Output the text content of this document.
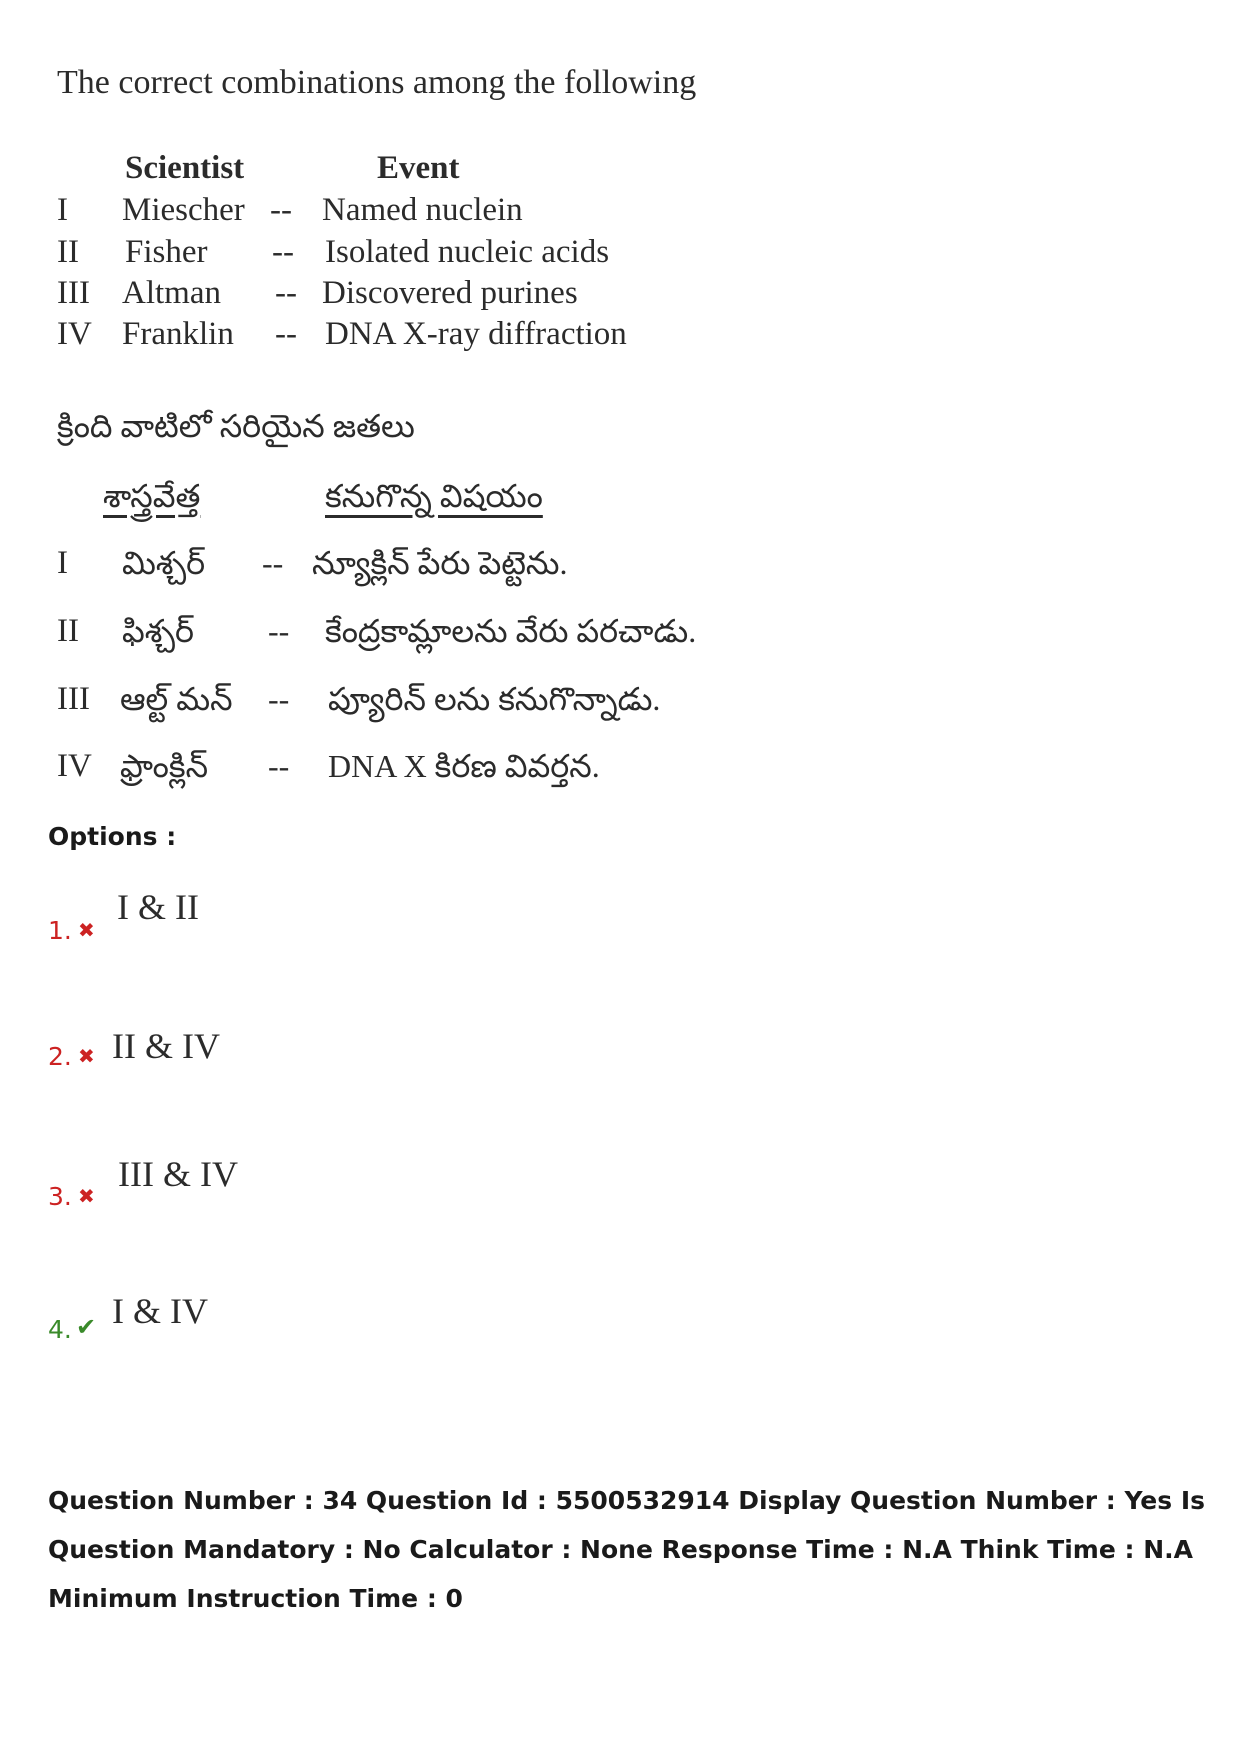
The correct combinations among the following
Scientist	Event
I Miescher -- Named nuclein
II Fisher -- Isolated nucleic acids
III Altman -- Discovered purines
IV Franklin -- DNA X-ray diffraction
క్రింది వాటిలో సరియైన జతలు
శాస్త్రవేత్త	కనుగొన్న విషయం
I మిశ్చర్ -- న్యూక్లిన్ పేరు పెట్టెను.
II ఫిశ్చర్ -- కేంద్రకామ్లాలను వేరు పరచాడు.
III ఆల్ట్ మన్ -- ప్యూరిన్ లను కనుగొన్నాడు.
IV ఫ్రాంక్లిన్ -- DNA X కిరణ వివర్తన.
Options :
1. ✖
I & II
2. ✖ II & IV
3. ✖
III & IV
4. ✔ I & IV
Question Number : 34 Question Id : 5500532914 Display Question Number : Yes Is Question Mandatory : No Calculator : None Response Time : N.A Think Time : N.A Minimum Instruction Time : 0
